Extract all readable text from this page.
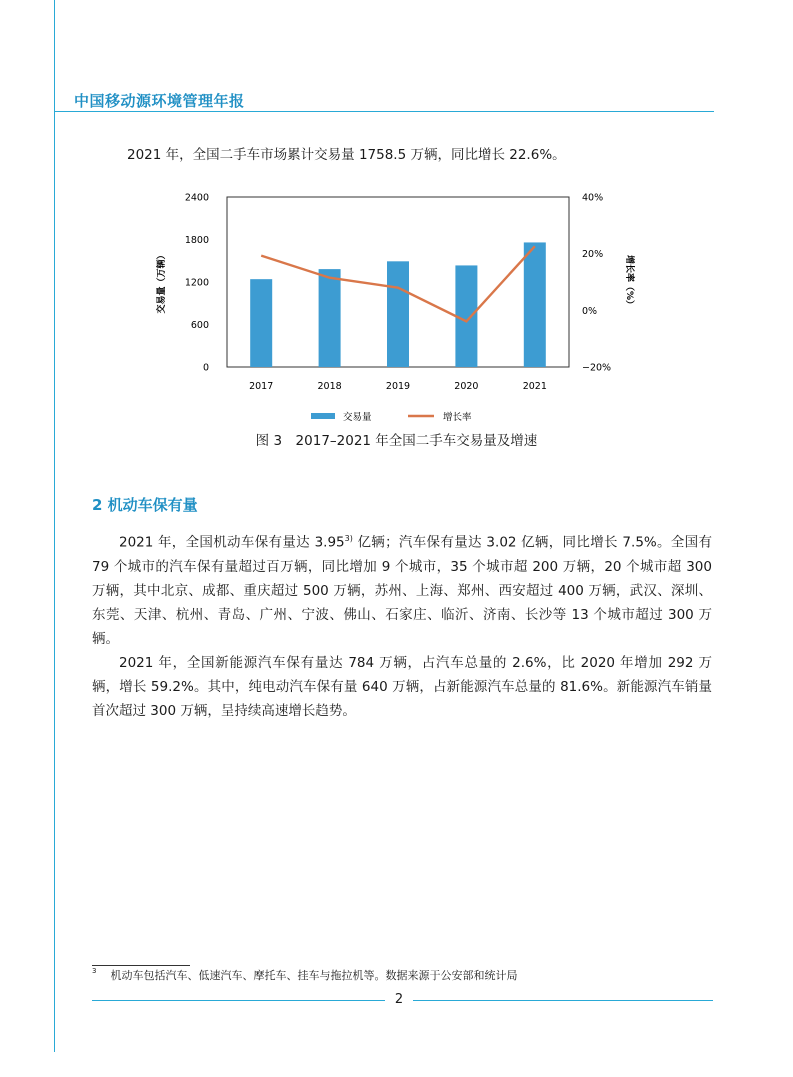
中国移动源环境管理年报
2021 年，全国二手车市场累计交易量 1758.5 万辆，同比增长 22.6%。
0
600
1200
1800
2400
−20%
0%
20%
40%
2017	2018	2019	2020	2021
交易量（万辆）	增长率（%）
交易量	增长率
图 3　2017–2021 年全国二手车交易量及增速
2 机动车保有量

2021 年，全国机动车保有量达 3.95$^{3)}$ 亿辆；汽车保有量达 3.02 亿辆，同比增长 7.5%。全国有 79 个城市的汽车保有量超过百万辆，同比增加 9 个城市，35 个城市超 200 万辆，20 个城市超 300 万辆，其中北京、成都、重庆超过 500 万辆，苏州、上海、郑州、西安超过 400 万辆，武汉、深圳、东莞、天津、杭州、青岛、广州、宁波、佛山、石家庄、临沂、济南、长沙等 13 个城市超过 300 万辆。

2021 年，全国新能源汽车保有量达 784 万辆，占汽车总量的 2.6%，比 2020 年增加 292 万辆，增长 59.2%。其中，纯电动汽车保有量 640 万辆，占新能源汽车总量的 81.6%。新能源汽车销量首次超过 300 万辆，呈持续高速增长趋势。

$^3$ 机动车包括汽车、低速汽车、摩托车、挂车与拖拉机等。数据来源于公安部和统计局
2
